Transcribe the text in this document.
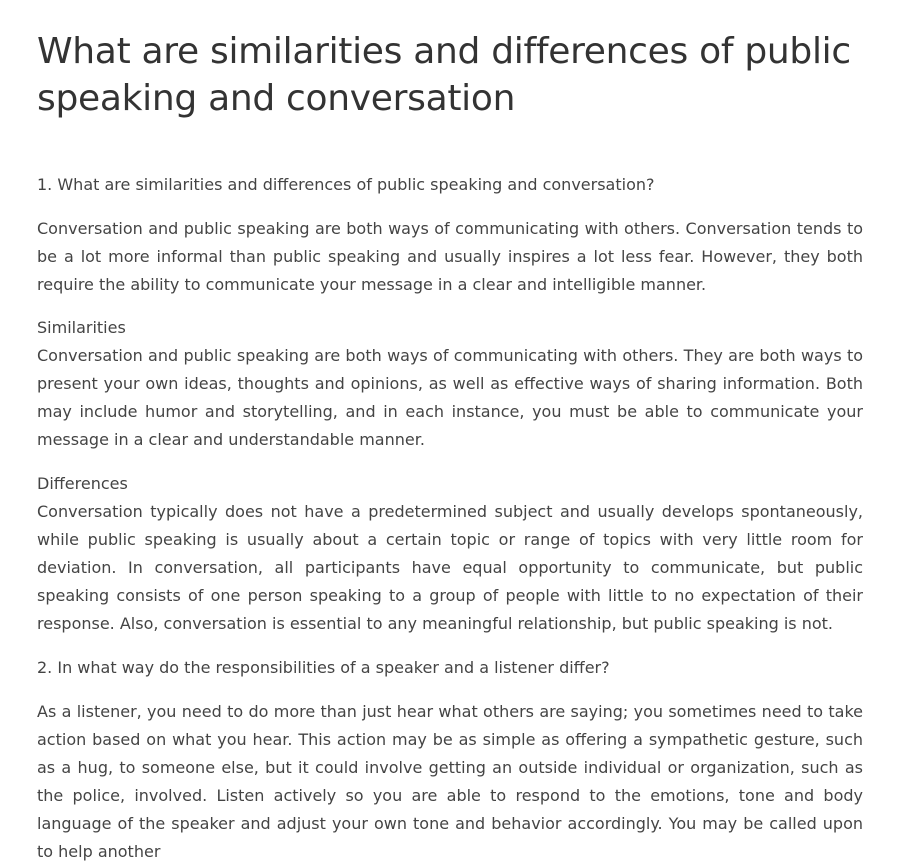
What are similarities and differences of public speaking and conversation

1. What are similarities and differences of public speaking and conversation?

Conversation and public speaking are both ways of communicating with others. Conversation tends to be a lot more informal than public speaking and usually inspires a lot less fear. However, they both require the ability to communicate your message in a clear and intelligible manner.

Similarities
Conversation and public speaking are both ways of communicating with others. They are both ways to present your own ideas, thoughts and opinions, as well as effective ways of sharing information. Both may include humor and storytelling, and in each instance, you must be able to communicate your message in a clear and understandable manner.

Differences
Conversation typically does not have a predetermined subject and usually develops spontaneously, while public speaking is usually about a certain topic or range of topics with very little room for deviation. In conversation, all participants have equal opportunity to communicate, but public speaking consists of one person speaking to a group of people with little to no expectation of their response. Also, conversation is essential to any meaningful relationship, but public speaking is not.

2. In what way do the responsibilities of a speaker and a listener differ?

As a listener, you need to do more than just hear what others are saying; you sometimes need to take action based on what you hear. This action may be as simple as offering a sympathetic gesture, such as a hug, to someone else, but it could involve getting an outside individual or organization, such as the police, involved. Listen actively so you are able to respond to the emotions, tone and body language of the speaker and adjust your own tone and behavior accordingly. You may be called upon to help another
